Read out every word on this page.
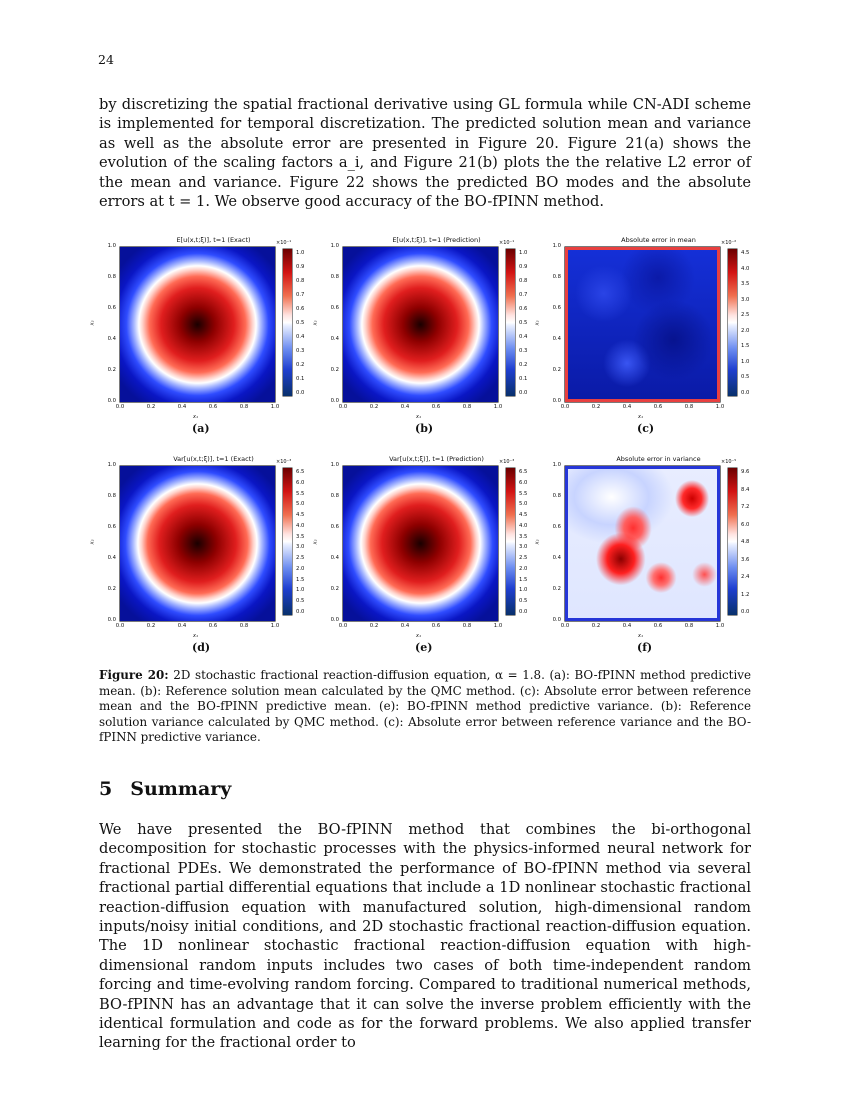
24

by discretizing the spatial fractional derivative using GL formula while CN-ADI scheme is implemented for temporal discretization. The predicted solution mean and variance as well as the absolute error are presented in Figure 20. Figure 21(a) shows the evolution of the scaling factors a_i, and Figure 21(b) plots the the relative L2 error of the mean and variance. Figure 22 shows the predicted BO modes and the absolute errors at t = 1. We observe good accuracy of the BO-fPINN method.

E[u(x,t;ξ)], t=1 (Exact)	×10⁻¹
1.0
0.9
0.8
0.7
0.6
0.5
0.4
0.3
0.2
0.1
0.0
1.0
0.8
0.6
0.4
0.2
0.0
0.0	0.2	0.4	0.6	0.8	1.0
x₁
x₂
(a)
E[u(x,t;ξ)], t=1 (Prediction)	×10⁻¹
1.0
0.9
0.8
0.7
0.6
0.5
0.4
0.3
0.2
0.1
0.0
1.0
0.8
0.6
0.4
0.2
0.0
0.0	0.2	0.4	0.6	0.8	1.0
x₁
x₂
(b)
Absolute error in mean	×10⁻²
4.5
4.0
3.5
3.0
2.5
2.0
1.5
1.0
0.5
0.0
1.0
0.8
0.6
0.4
0.2
0.0
0.0	0.2	0.4	0.6	0.8	1.0
x₁
x₂
(c)
Var[u(x,t;ξ)], t=1 (Exact)	×10⁻³
6.5
6.0
5.5
5.0
4.5
4.0
3.5
3.0
2.5
2.0
1.5
1.0
0.5
0.0
1.0
0.8
0.6
0.4
0.2
0.0
0.0	0.2	0.4	0.6	0.8	1.0
x₁
x₂
(d)
Var[u(x,t;ξ)], t=1 (Prediction)	×10⁻³
6.5
6.0
5.5
5.0
4.5
4.0
3.5
3.0
2.5
2.0
1.5
1.0
0.5
0.0
1.0
0.8
0.6
0.4
0.2
0.0
0.0	0.2	0.4	0.6	0.8	1.0
x₁
x₂
(e)
Absolute error in variance	×10⁻⁵
9.6
8.4
7.2
6.0
4.8
3.6
2.4
1.2
0.0
1.0
0.8
0.6
0.4
0.2
0.0
0.0	0.2	0.4	0.6	0.8	1.0
x₁
x₂
(f)

Figure 20: 2D stochastic fractional reaction-diffusion equation, α = 1.8. (a): BO-fPINN method predictive mean. (b): Reference solution mean calculated by the QMC method. (c): Absolute error between reference mean and the BO-fPINN predictive mean. (e): BO-fPINN method predictive variance. (b): Reference solution variance calculated by QMC method. (c): Absolute error between reference variance and the BO-fPINN predictive variance.

5 Summary

We have presented the BO-fPINN method that combines the bi-orthogonal decomposition for stochastic processes with the physics-informed neural network for fractional PDEs. We demonstrated the performance of BO-fPINN method via several fractional partial differential equations that include a 1D nonlinear stochastic fractional reaction-diffusion equation with manufactured solution, high-dimensional random inputs/noisy initial conditions, and 2D stochastic fractional reaction-diffusion equation. The 1D nonlinear stochastic fractional reaction-diffusion equation with high-dimensional random inputs includes two cases of both time-independent random forcing and time-evolving random forcing. Compared to traditional numerical methods, BO-fPINN has an advantage that it can solve the inverse problem efficiently with the identical formulation and code as for the forward problems. We also applied transfer learning for the fractional order to
